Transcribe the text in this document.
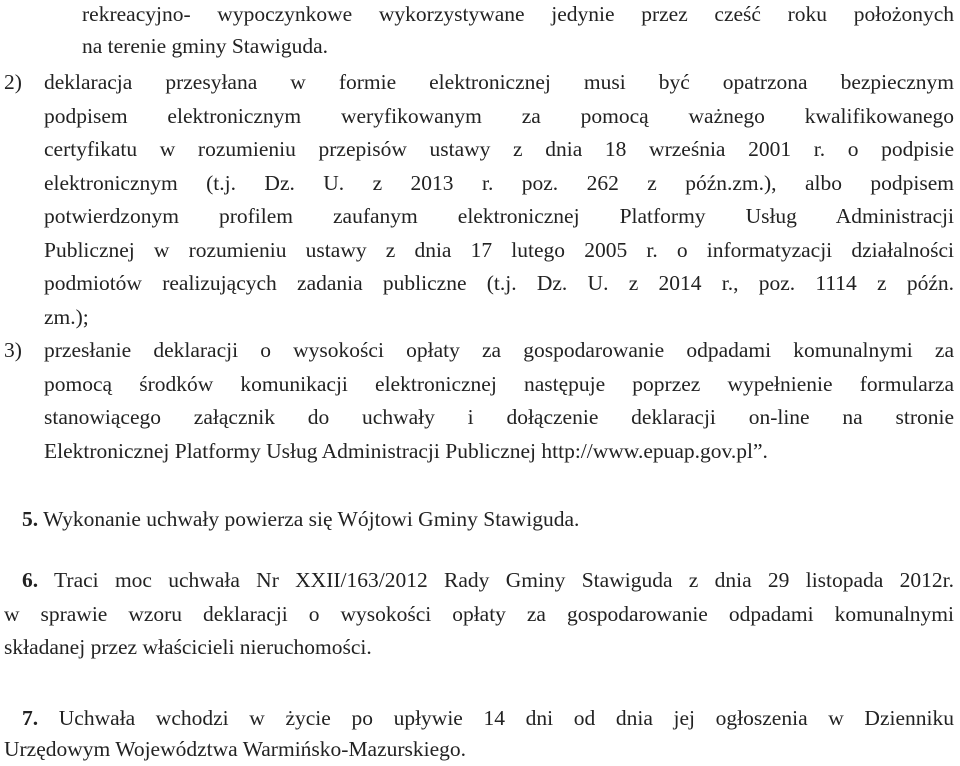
rekreacyjno- wypoczynkowe wykorzystywane jedynie przez cześć roku położonych
na terenie gminy Stawiguda.
2) deklaracja przesyłana w formie elektronicznej musi być opatrzona bezpiecznym
podpisem elektronicznym weryfikowanym za pomocą ważnego kwalifikowanego
certyfikatu w rozumieniu przepisów ustawy z dnia 18 września 2001 r. o podpisie
elektronicznym (t.j. Dz. U. z 2013 r. poz. 262 z późn.zm.), albo podpisem
potwierdzonym profilem zaufanym elektronicznej Platformy Usług Administracji
Publicznej w rozumieniu ustawy z dnia 17 lutego 2005 r. o informatyzacji działalności
podmiotów realizujących zadania publiczne (t.j. Dz. U. z 2014 r., poz. 1114 z późn.
zm.);
3) przesłanie deklaracji o wysokości opłaty za gospodarowanie odpadami komunalnymi za
pomocą środków komunikacji elektronicznej następuje poprzez wypełnienie formularza
stanowiącego załącznik do uchwały i dołączenie deklaracji on-line na stronie
Elektronicznej Platformy Usług Administracji Publicznej http://www.epuap.gov.pl”.
5. Wykonanie uchwały powierza się Wójtowi Gminy Stawiguda.
6. Traci moc uchwała Nr XXII/163/2012 Rady Gminy Stawiguda z dnia 29 listopada 2012r.
w sprawie wzoru deklaracji o wysokości opłaty za gospodarowanie odpadami komunalnymi
składanej przez właścicieli nieruchomości.
7. Uchwała wchodzi w życie po upływie 14 dni od dnia jej ogłoszenia w Dzienniku
Urzędowym Województwa Warmińsko-Mazurskiego.
